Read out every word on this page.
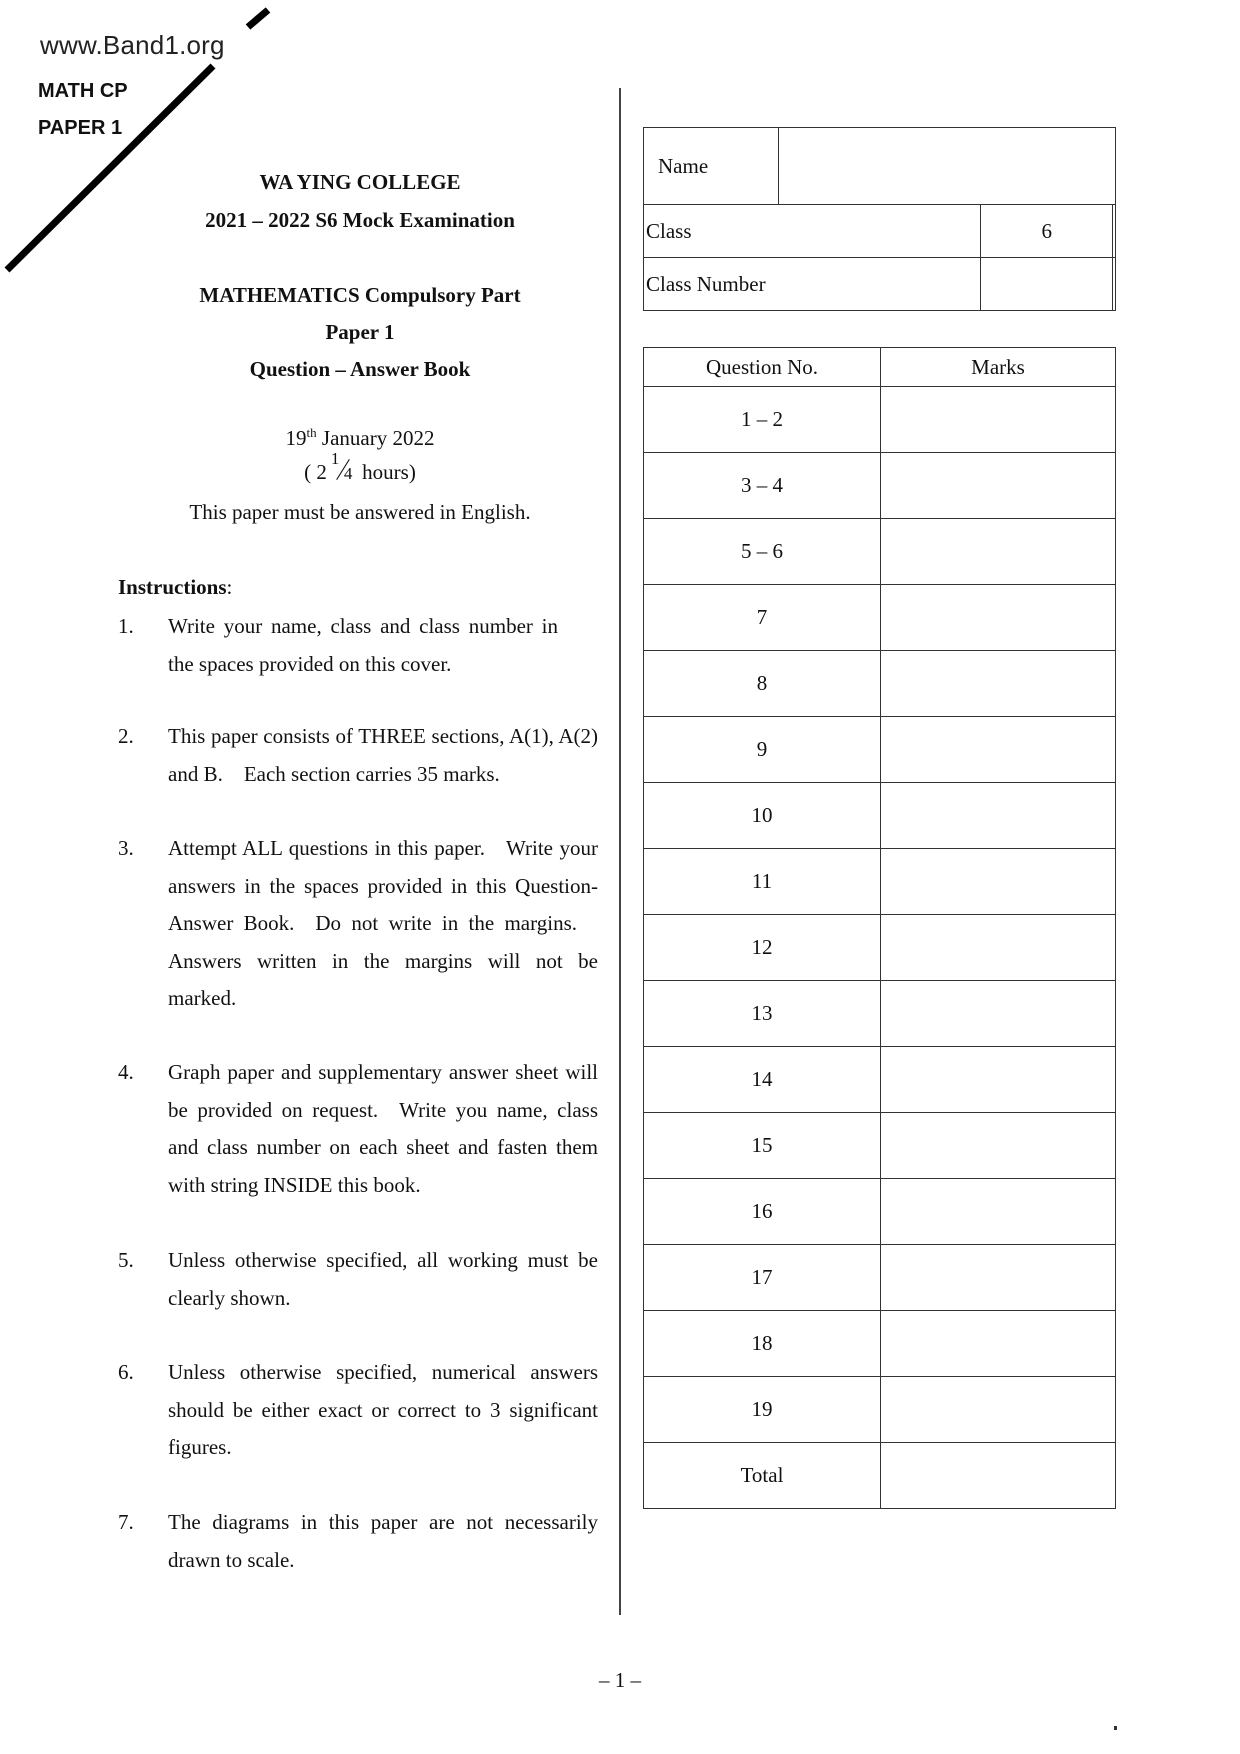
www.Band1.org
MATH CP
PAPER 1
WA YING COLLEGE
2021 – 2022 S6 Mock Examination
MATHEMATICS Compulsory Part
Paper 1
Question – Answer Book
19th January 2022
( 2
1
4 hours)
This paper must be answered in English.
Instructions:
1. Write your name, class and class number in the spaces provided on this cover.
2. This paper consists of THREE sections, A(1), A(2) and B. Each section carries 35 marks.
3. Attempt ALL questions in this paper. Write your answers in the spaces provided in this Question-Answer Book. Do not write in the margins. Answers written in the margins will not be marked.
4. Graph paper and supplementary answer sheet will be provided on request. Write you name, class and class number on each sheet and fasten them with string INSIDE this book.
5. Unless otherwise specified, all working must be clearly shown.
6. Unless otherwise specified, numerical answers should be either exact or correct to 3 significant figures.
7. The diagrams in this paper are not necessarily drawn to scale.
Name			
Class		6	
Class Number			
Question No.	Marks
1 – 2	
3 – 4	
5 – 6	
7	
8	
9	
10	
11	
12	
13	
14	
15	
16	
17	
18	
19	
Total	
– 1 –
